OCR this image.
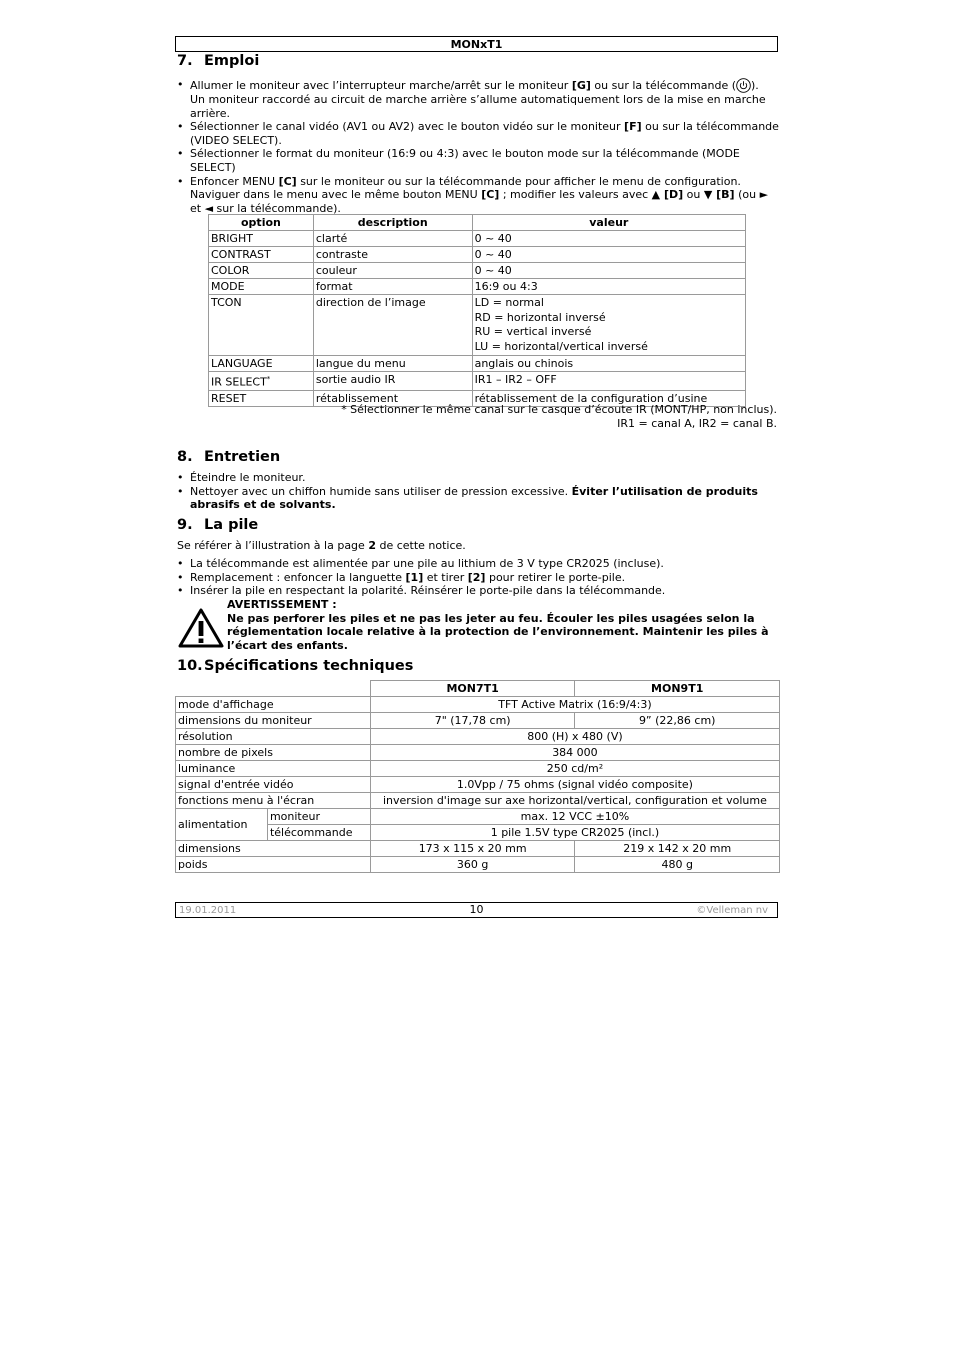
MONxT1
7. Emploi
• Allumer le moniteur avec l’interrupteur marche/arrêt sur le moniteur [G] ou sur la télécommande ( ).
Un moniteur raccordé au circuit de marche arrière s’allume automatiquement lors de la mise en marche arrière.
• Sélectionner le canal vidéo (AV1 ou AV2) avec le bouton vidéo sur le moniteur [F] ou sur la télécommande (VIDEO SELECT).
• Sélectionner le format du moniteur (16:9 ou 4:3) avec le bouton mode sur la télécommande (MODE SELECT)
• Enfoncer MENU [C] sur le moniteur ou sur la télécommande pour afficher le menu de configuration. Naviguer dans le menu avec le même bouton MENU [C] ; modifier les valeurs avec ▲ [D] ou ▼ [B] (ou ► et ◄ sur la télécommande).
option	description	valeur
BRIGHT	clarté	0 ~ 40
CONTRAST	contraste	0 ~ 40
COLOR	couleur	0 ~ 40
MODE	format	16:9 ou 4:3
TCON	direction de l’image	LD = normal
RD = horizontal inversé
RU = vertical inversé
LU = horizontal/vertical inversé
LANGUAGE	langue du menu	anglais ou chinois
IR SELECT*	sortie audio IR	IR1 – IR2 – OFF
RESET	rétablissement	rétablissement de la configuration d’usine
* Sélectionner le même canal sur le casque d’écoute IR (MONT/HP, non inclus).
IR1 = canal A, IR2 = canal B.
8. Entretien
• Éteindre le moniteur.
• Nettoyer avec un chiffon humide sans utiliser de pression excessive. Éviter l’utilisation de produits abrasifs et de solvants.
9. La pile
Se référer à l’illustration à la page 2 de cette notice.
• La télécommande est alimentée par une pile au lithium de 3 V type CR2025 (incluse).
• Remplacement : enfoncer la languette [1] et tirer [2] pour retirer le porte-pile.
• Insérer la pile en respectant la polarité. Réinsérer le porte-pile dans la télécommande.
AVERTISSEMENT :
Ne pas perforer les piles et ne pas les jeter au feu. Écouler les piles usagées selon la réglementation locale relative à la protection de l’environnement. Maintenir les piles à l’écart des enfants.
10.Spécifications techniques
		MON7T1	MON9T1
mode d'affichage		TFT Active Matrix (16:9/4:3)	
dimensions du moniteur		7" (17,78 cm)	9” (22,86 cm)
résolution		800 (H) x 480 (V)	
nombre de pixels		384 000	
luminance		250 cd/m²	
signal d'entrée vidéo		1.0Vpp / 75 ohms (signal vidéo composite)	
fonctions menu à l'écran		inversion d'image sur axe horizontal/vertical, configuration et volume	
alimentation	moniteur	max. 12 VCC ±10%	
	télécommande	1 pile 1.5V type CR2025 (incl.)	
dimensions		173 x 115 x 20 mm	219 x 142 x 20 mm
poids		360 g	480 g
19.01.2011	10	©Velleman nv
